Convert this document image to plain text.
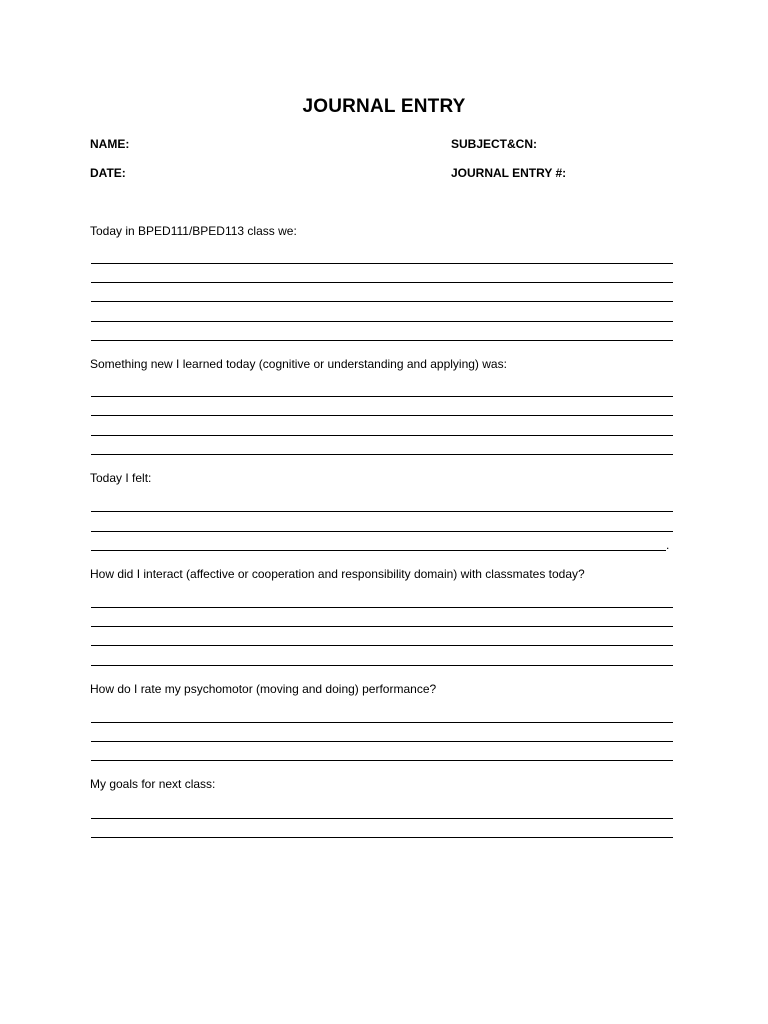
JOURNAL ENTRY
NAME:	SUBJECT&CN:
DATE:	JOURNAL ENTRY #:
Today in BPED111/BPED113 class we:
Something new I learned today (cognitive or understanding and applying) was:
Today I felt:
.
How did I interact (affective or cooperation and responsibility domain) with classmates today?
How do I rate my psychomotor (moving and doing) performance?
My goals for next class:
